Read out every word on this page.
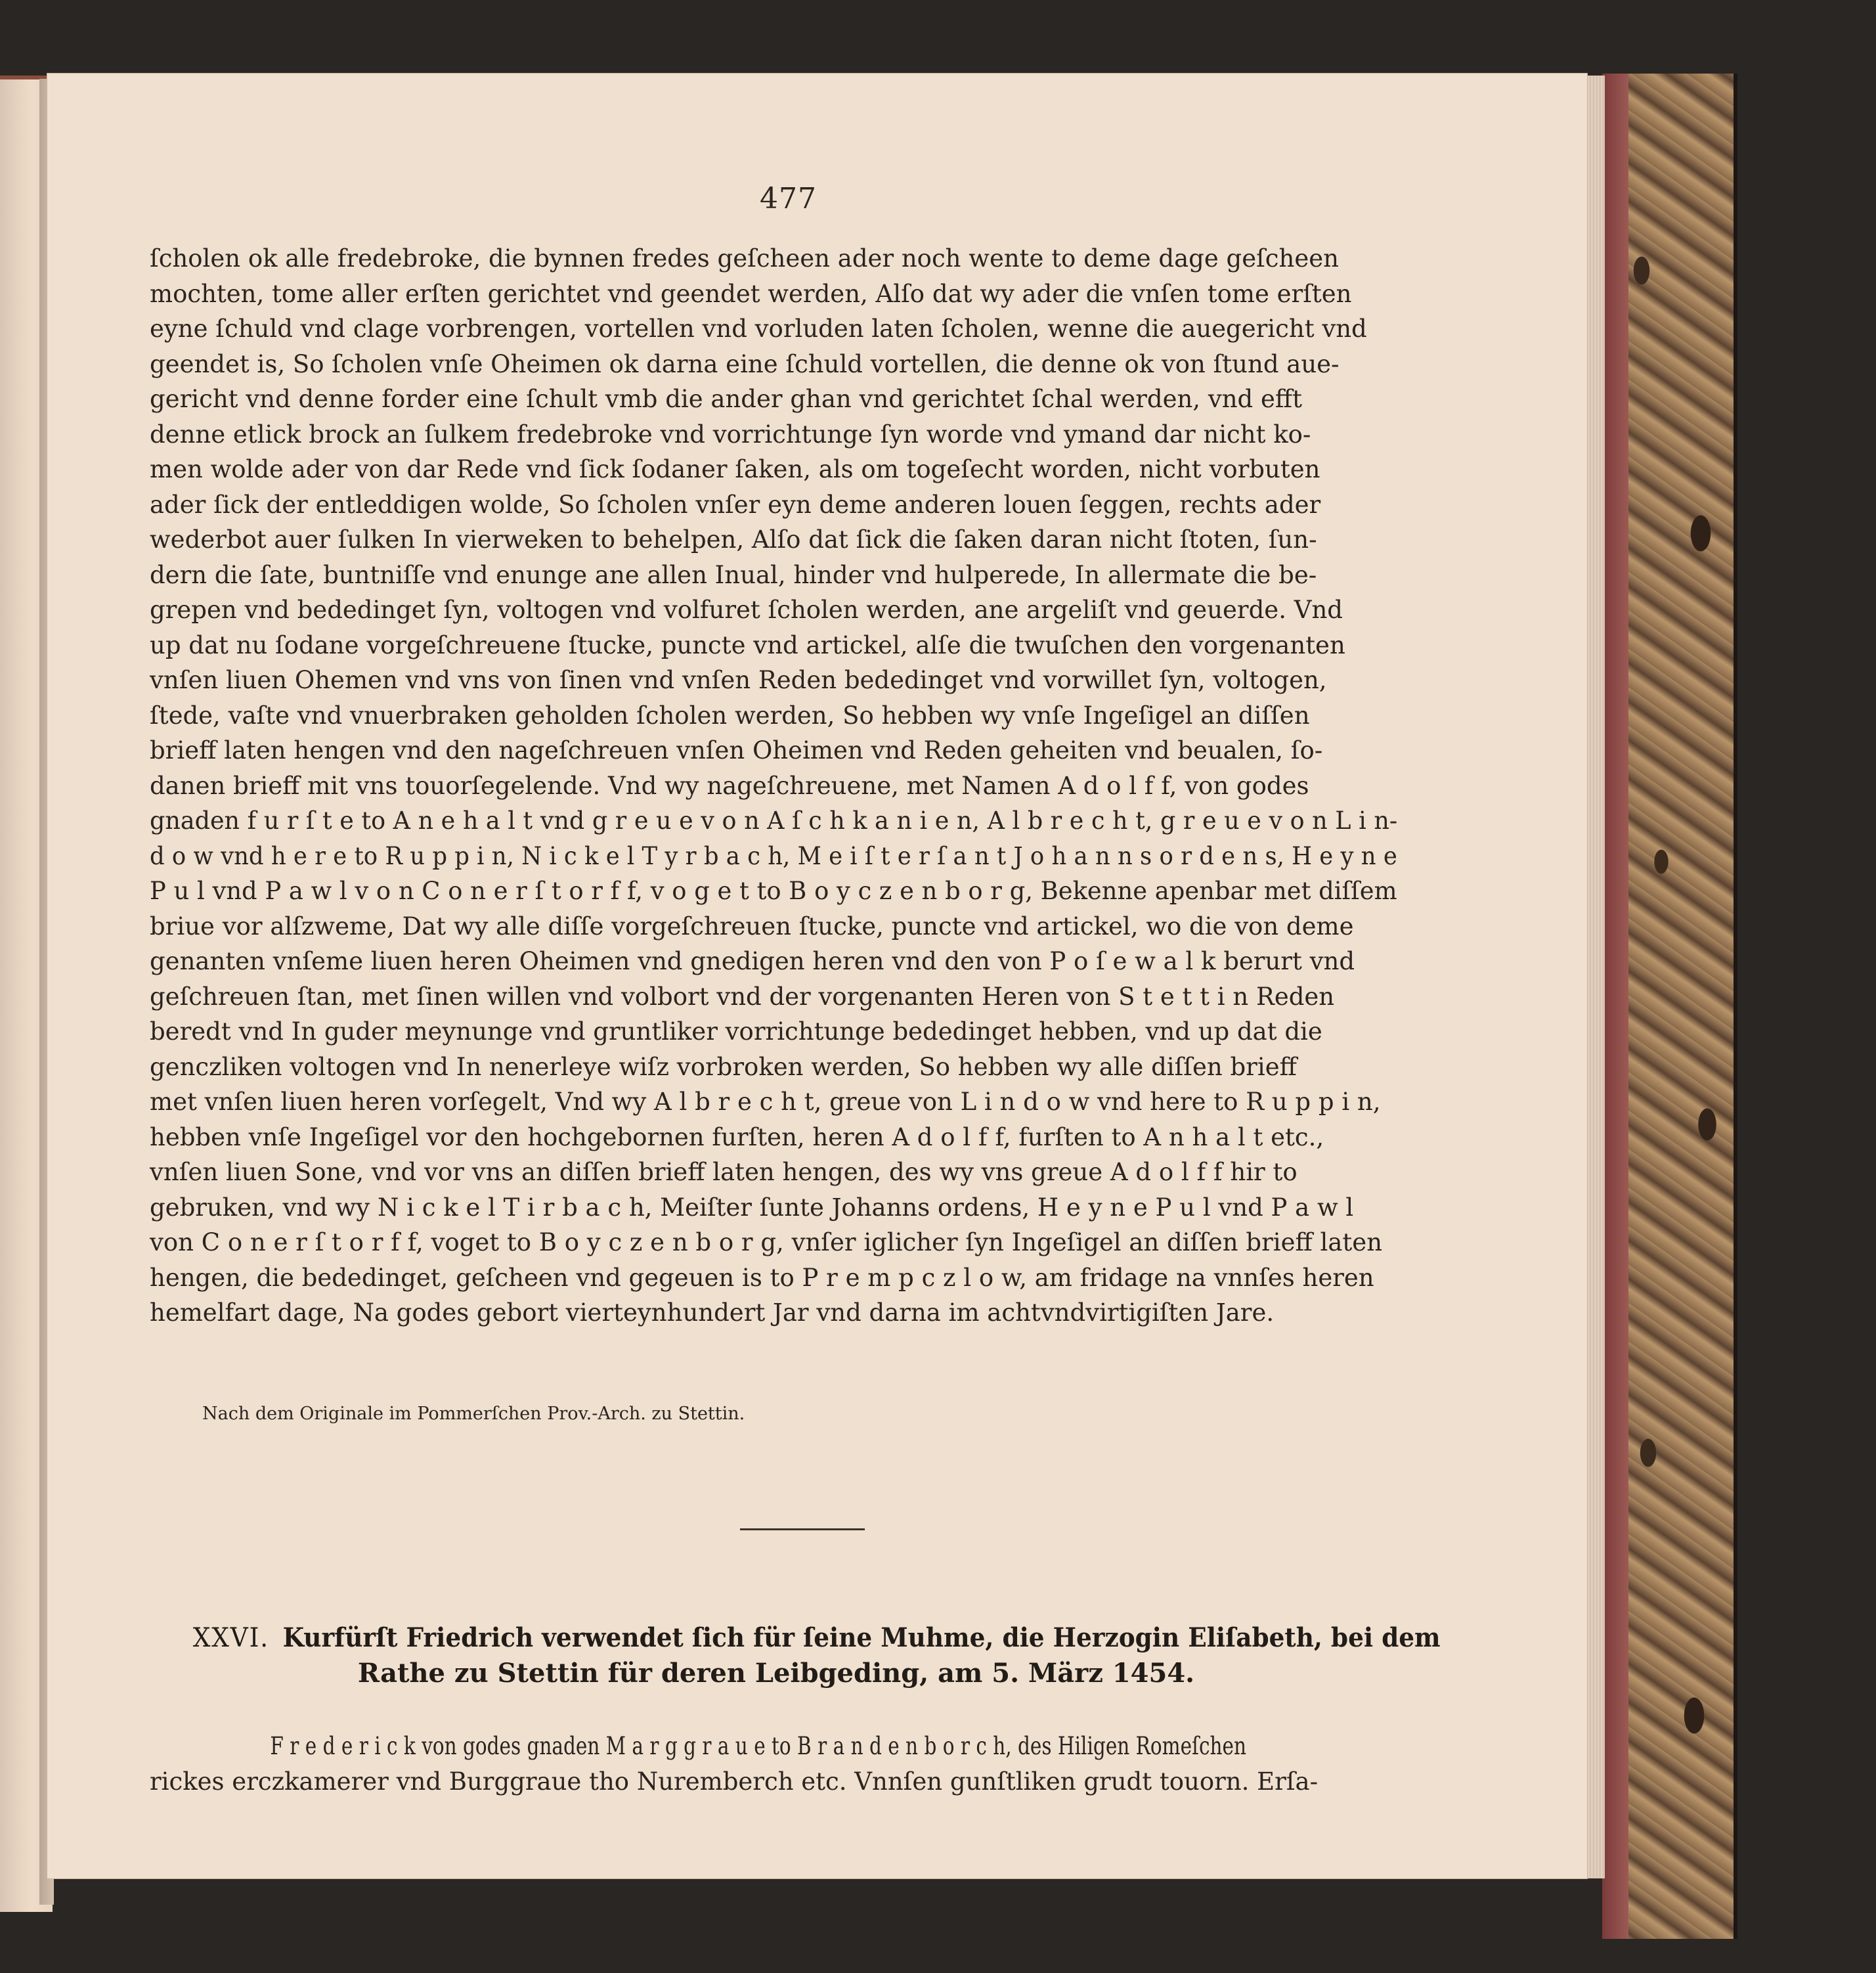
477
ſcholen ok alle fredebroke, die bynnen fredes geſcheen ader noch wente to deme dage geſcheen
mochten, tome aller erſten gerichtet vnd geendet werden, Alſo dat wy ader die vnſen tome erſten
eyne ſchuld vnd clage vorbrengen, vortellen vnd vorluden laten ſcholen, wenne die auegericht vnd
geendet is, So ſcholen vnſe Oheimen ok darna eine ſchuld vortellen, die denne ok von ſtund aue-
gericht vnd denne forder eine ſchult vmb die ander ghan vnd gerichtet ſchal werden, vnd efft
denne etlick brock an ſulkem fredebroke vnd vorrichtunge ſyn worde vnd ymand dar nicht ko-
men wolde ader von dar Rede vnd ſick ſodaner ſaken, als om togeſecht worden, nicht vorbuten
ader ſick der entleddigen wolde, So ſcholen vnſer eyn deme anderen louen ſeggen, rechts ader
wederbot auer ſulken In vierweken to behelpen, Alſo dat ſick die ſaken daran nicht ſtoten, ſun-
dern die ſate, buntniſſe vnd enunge ane allen Inual, hinder vnd hulperede, In allermate die be-
grepen vnd bededinget ſyn, voltogen vnd volfuret ſcholen werden, ane argeliſt vnd geuerde. Vnd
up dat nu ſodane vorgeſchreuene ſtucke, puncte vnd artickel, alſe die twuſchen den vorgenanten
vnſen liuen Ohemen vnd vns von ſinen vnd vnſen Reden bededinget vnd vorwillet ſyn, voltogen,
ſtede, vaſte vnd vnuerbraken geholden ſcholen werden, So hebben wy vnſe Ingeſigel an diſſen
brieff laten hengen vnd den nageſchreuen vnſen Oheimen vnd Reden geheiten vnd beualen, ſo-
danen brieff mit vns touorſegelende. Vnd wy nageſchreuene, met Namen A d o l f f, von godes
gnaden f u r ſ t e to A n e h a l t vnd g r e u e v o n A ſ c h k a n i e n, A l b r e c h t, g r e u e v o n L i n-
d o w vnd h e r e to R u p p i n, N i c k e l T y r b a c h, M e i ſ t e r ſ a n t J o h a n n s o r d e n s, H e y n e
P u l vnd P a w l v o n C o n e r ſ t o r f f, v o g e t to B o y c z e n b o r g, Bekenne apenbar met diſſem
briue vor alſzweme, Dat wy alle diſſe vorgeſchreuen ſtucke, puncte vnd artickel, wo die von deme
genanten vnſeme liuen heren Oheimen vnd gnedigen heren vnd den von P o ſ e w a l k berurt vnd
geſchreuen ſtan, met ſinen willen vnd volbort vnd der vorgenanten Heren von S t e t t i n Reden
beredt vnd In guder meynunge vnd gruntliker vorrichtunge bededinget hebben, vnd up dat die
genczliken voltogen vnd In nenerleye wiſz vorbroken werden, So hebben wy alle diſſen brieff
met vnſen liuen heren vorſegelt, Vnd wy A l b r e c h t, greue von L i n d o w vnd here to R u p p i n,
hebben vnſe Ingeſigel vor den hochgebornen furſten, heren A d o l f f, furſten to A n h a l t etc.,
vnſen liuen Sone, vnd vor vns an diſſen brieff laten hengen, des wy vns greue A d o l f f hir to
gebruken, vnd wy N i c k e l T i r b a c h, Meiſter ſunte Johanns ordens, H e y n e P u l vnd P a w l
von C o n e r ſ t o r f f, voget to B o y c z e n b o r g, vnſer iglicher ſyn Ingeſigel an diſſen brieff laten
hengen, die bededinget, geſcheen vnd gegeuen is to P r e m p c z l o w, am fridage na vnnſes heren
hemelfart dage, Na godes gebort vierteynhundert Jar vnd darna im achtvndvirtigiſten Jare.
Nach dem Originale im Pommerſchen Prov.-Arch. zu Stettin.
XXVI. Kurfürſt Friedrich verwendet ſich für ſeine Muhme, die Herzogin Eliſabeth, bei dem
Rathe zu Stettin für deren Leibgeding, am 5. März 1454.
F r e d e r i c k von godes gnaden M a r g g r a u e to B r a n d e n b o r c h, des Hiligen Romeſchen
rickes erczkamerer vnd Burggraue tho Nuremberch etc. Vnnſen gunſtliken grudt touorn. Erſa-
